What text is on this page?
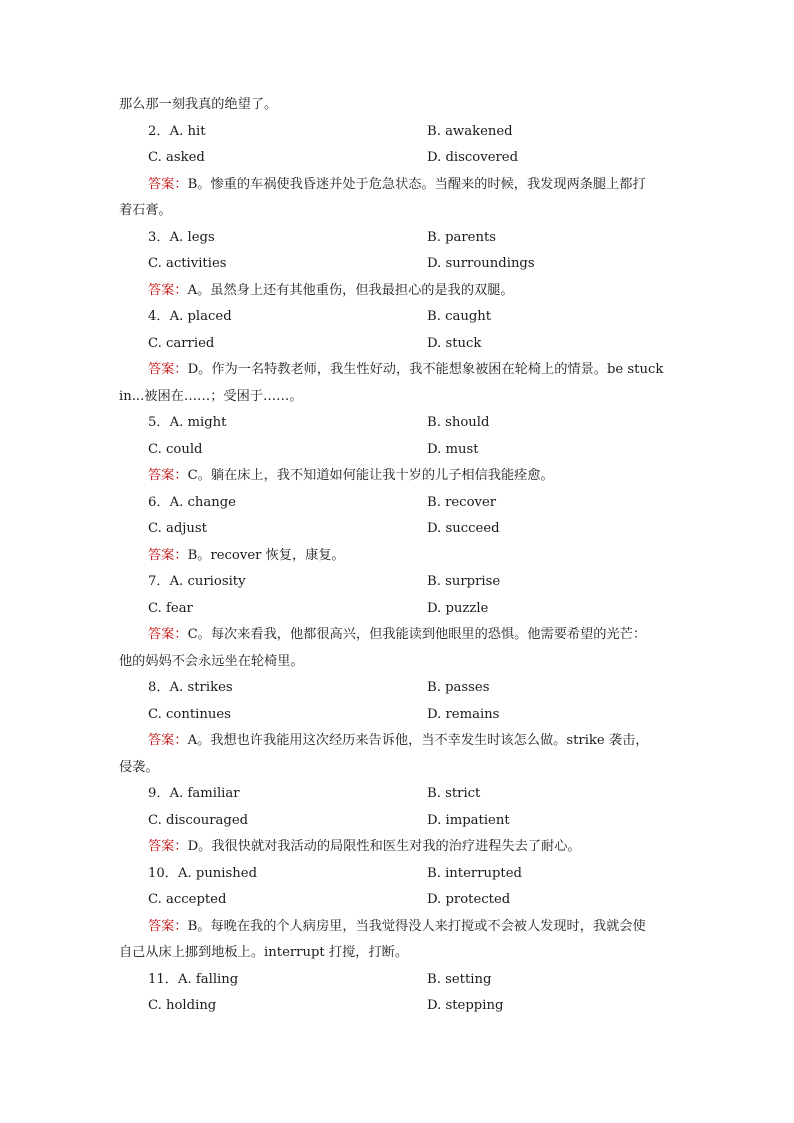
那么那一刻我真的绝望了。
2．A. hit	B. awakened
C. asked	D. discovered
答案：B。惨重的车祸使我昏迷并处于危急状态。当醒来的时候，我发现两条腿上都打
着石膏。
3．A. legs	B. parents
C. activities	D. surroundings
答案：A。虽然身上还有其他重伤，但我最担心的是我的双腿。
4．A. placed	B. caught
C. carried	D. stuck
答案：D。作为一名特教老师，我生性好动，我不能想象被困在轮椅上的情景。be stuck
in...被困在……；受困于……。
5．A. might	B. should
C. could	D. must
答案：C。躺在床上，我不知道如何能让我十岁的儿子相信我能痊愈。
6．A. change	B. recover
C. adjust	D. succeed
答案：B。recover 恢复，康复。
7．A. curiosity	B. surprise
C. fear	D. puzzle
答案：C。每次来看我，他都很高兴，但我能读到他眼里的恐惧。他需要希望的光芒：
他的妈妈不会永远坐在轮椅里。
8．A. strikes	B. passes
C. continues	D. remains
答案：A。我想也许我能用这次经历来告诉他，当不幸发生时该怎么做。strike 袭击，
侵袭。
9．A. familiar	B. strict
C. discouraged	D. impatient
答案：D。我很快就对我活动的局限性和医生对我的治疗进程失去了耐心。
10．A. punished	B. interrupted
C. accepted	D. protected
答案：B。每晚在我的个人病房里，当我觉得没人来打搅或不会被人发现时，我就会使
自己从床上挪到地板上。interrupt 打搅，打断。
11．A. falling	B. setting
C. holding	D. stepping
